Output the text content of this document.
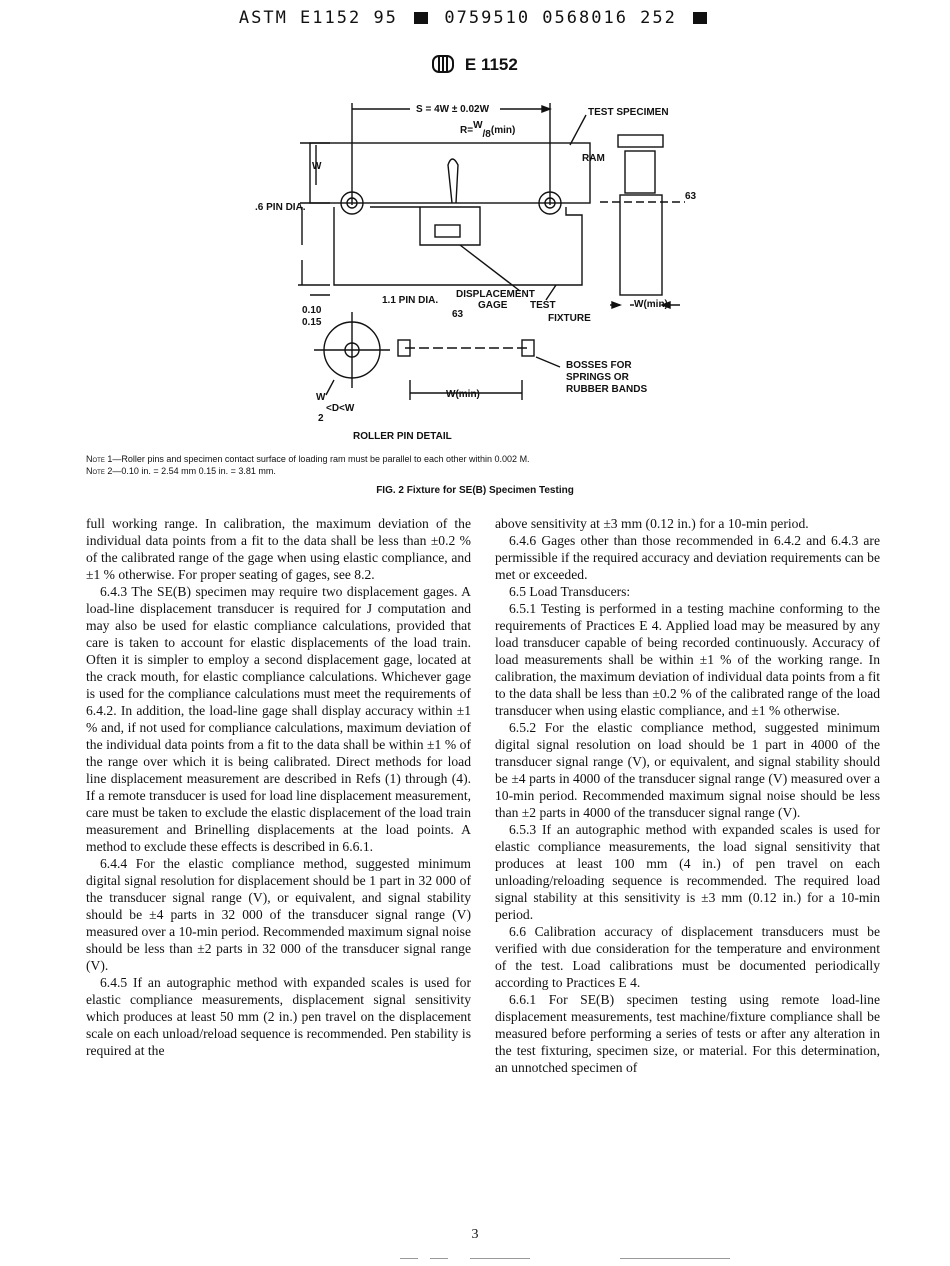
ASTM E1152 95	0759510 0568016 252
E 1152
S = 4W ± 0.02W	TEST SPECIMEN
R=W/8(min)
RAM
W
.6 PIN DIA.
63
1.1 PIN DIA.
DISPLACEMENT
GAGE
63
TEST
FIXTURE
W(min)
0.10
0.15
BOSSES FOR
SPRINGS OR
RUBBER BANDS
W(min)
W
<D<W
2
ROLLER PIN DETAIL
Note 1—Roller pins and specimen contact surface of loading ram must be parallel to each other within 0.002 M.
Note 2—0.10 in. = 2.54 mm 0.15 in. = 3.81 mm.
FIG. 2 Fixture for SE(B) Specimen Testing

full working range. In calibration, the maximum deviation of the individual data points from a fit to the data shall be less than ±0.2 % of the calibrated range of the gage when using elastic compliance, and ±1 % otherwise. For proper seating of gages, see 8.2.

6.4.3 The SE(B) specimen may require two displacement gages. A load-line displacement transducer is required for J computation and may also be used for elastic compliance calculations, provided that care is taken to account for elastic displacements of the load train. Often it is simpler to employ a second displacement gage, located at the crack mouth, for elastic compliance calculations. Whichever gage is used for the compliance calculations must meet the requirements of 6.4.2. In addition, the load-line gage shall display accuracy within ±1 % and, if not used for compliance calculations, maximum deviation of the individual data points from a fit to the data shall be within ±1 % of the range over which it is being calibrated. Direct methods for load line displacement measurement are described in Refs (1) through (4). If a remote transducer is used for load line displacement measurement, care must be taken to exclude the elastic displacement of the load train measurement and Brinelling displacements at the load points. A method to exclude these effects is described in 6.6.1.

6.4.4 For the elastic compliance method, suggested minimum digital signal resolution for displacement should be 1 part in 32 000 of the transducer signal range (V), or equivalent, and signal stability should be ±4 parts in 32 000 of the transducer signal range (V) measured over a 10-min period. Recommended maximum signal noise should be less than ±2 parts in 32 000 of the transducer signal range (V).

6.4.5 If an autographic method with expanded scales is used for elastic compliance measurements, displacement signal sensitivity which produces at least 50 mm (2 in.) pen travel on the displacement scale on each unload/reload sequence is recommended. Pen stability is required at the

above sensitivity at ±3 mm (0.12 in.) for a 10-min period.

6.4.6 Gages other than those recommended in 6.4.2 and 6.4.3 are permissible if the required accuracy and deviation requirements can be met or exceeded.

6.5 Load Transducers:

6.5.1 Testing is performed in a testing machine conforming to the requirements of Practices E 4. Applied load may be measured by any load transducer capable of being recorded continuously. Accuracy of load measurements shall be within ±1 % of the working range. In calibration, the maximum deviation of individual data points from a fit to the data shall be less than ±0.2 % of the calibrated range of the load transducer when using elastic compliance, and ±1 % otherwise.

6.5.2 For the elastic compliance method, suggested minimum digital signal resolution on load should be 1 part in 4000 of the transducer signal range (V), or equivalent, and signal stability should be ±4 parts in 4000 of the transducer signal range (V) measured over a 10-min period. Recommended maximum signal noise should be less than ±2 parts in 4000 of the transducer signal range (V).

6.5.3 If an autographic method with expanded scales is used for elastic compliance measurements, the load signal sensitivity that produces at least 100 mm (4 in.) of pen travel on each unloading/reloading sequence is recommended. The required load signal stability at this sensitivity is ±3 mm (0.12 in.) for a 10-min period.

6.6 Calibration accuracy of displacement transducers must be verified with due consideration for the temperature and environment of the test. Load calibrations must be documented periodically according to Practices E 4.

6.6.1 For SE(B) specimen testing using remote load-line displacement measurements, test machine/fixture compliance shall be measured before performing a series of tests or after any alteration in the test fixturing, specimen size, or material. For this determination, an unnotched specimen of

3
